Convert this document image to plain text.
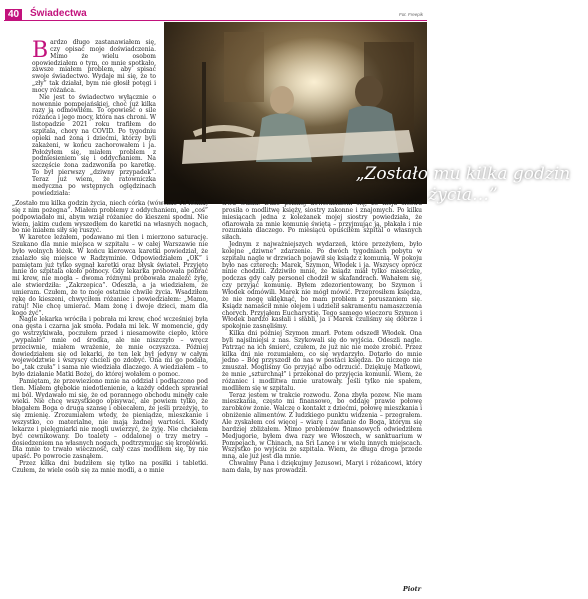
40	Świadectwa	Fot. Freepik

Bardzo długo zastanawiałem się, czy opisać moje doświadczenia. Mimo że wielu osobom opowiedziałem o tym, co mnie spotkało, zawsze miałem problem, aby spisać swoje świadectwo. Wydaje mi się, że to „zły” tak działał, bym nie głosił potęgi i mocy różańca.

Nie jest to świadectwo wyłącznie o nowennie pompejańskiej, choć już kilka razy ją odmówiłem. To opowieść o sile różańca i jego mocy, która nas chroni. W listopadzie 2021 roku trafiłem do szpitala, chory na COVID. Po tygodniu opieki nad żoną i dziećmi, którzy byli zakażeni, w końcu zachorowałem i ja. Położyłem się, miałem problem z podniesieniem się i oddychaniem. Na szczęście żona zadzwoniła po karetkę. To był pierwszy „dziwny przypadek”. Teraz już wiem, że ratowniczka medyczna po wstępnych oględzinach powiedziała:

„Zostało mu kilka godzin życia…”

„Zostało mu kilka godzin życia, niech córka (wówczas 13-letnia) się z nim pożegna”. Miałem problemy z oddychaniem, ale „coś” podpowiadało mi, abym wziął różaniec do kieszeni spodni. Nie wiem, jakim cudem wyszedłem do karetki na własnych nogach, bo nie miałem siły się ruszyć.

W karetce leżałem, podawano mi tlen i mierzono saturację. Szukano dla mnie miejsca w szpitalu – w całej Warszawie nie było wolnych łóżek. W końcu kierowca karetki powiedział, że znalazło się miejsce w Radzyminie. Odpowiedziałem „OK” i pamiętam już tylko sygnał karetki oraz błysk świateł. Przyjęto mnie do szpitala około północy. Gdy lekarka próbowała pobrać mi krew, nie mogła – dwoma różnymi próbowała znaleźć żyłę, ale stwierdziła: „Zakrzepica”. Odeszła, a ja wiedziałem, że umieram. Czułem, że to moje ostatnie chwile życia. Wsadziłem rękę do kieszeni, chwyciłem różaniec i powiedziałem: „Mamo, ratuj! Nie chcę umierać. Mam żonę i dwoje dzieci, mam dla kogo żyć”.

Nagle lekarka wróciła i pobrała mi krew, choć wcześniej była ona gęsta i czarna jak smoła. Podała mi lek. W momencie, gdy go wstrzykiwała, poczułem przed i niesamowite ciepło, które „wypalało” mnie od środka, ale nie niszczyło – wręcz przeciwnie, miałem wrażenie, że mnie oczyszcza. Później dowiedziałem się od lekarki, że ten lek był jedyny w całym województwie i wszyscy chcieli go zdobyć. Ona mi go podała, bo „tak czuła” i sama nie wiedziała dlaczego. A wiedziałem – to było działanie Matki Bożej, do której wołałem o pomoc.

Pamiętam, że przewieziono mnie na oddział i podłączono pod tlen. Miałem głębokie niedotlenienie, a każdy oddech sprawiał mi ból. Wydawało mi się, że od porannego obchodu minęły całe wieki. Nie chcę wszystkiego opisywać, ale powiem tylko, że błagałem Boga o drugą szansę i obiecałem, że jeśli przeżyję, to się zmienię. Zrozumiałem wtedy, że pieniądze, mieszkanie i wszystko, co materialne, nie mają żadnej wartości. Kiedy lekarze i pielęgniarki nie mogli uwierzyć, że żyję. Nie chciałem być cewnikowany. Do toalety – oddalonej o trzy metry – dosiedzeniem na własnych nogach, podtrzymując się kroplówki. Dla mnie to trwało wieczność, cały czas modliłem się, by nie upaść. Po powrocie zasnąłem.

Przez kilka dni budziłem się tylko na posiłki i tabletki. Czułem, że wiele osób się za mnie modli, a o mnie

trwa walka. Dużo później dowiedziałem się, że moja siostra prosiła o modlitwę księży, siostry zakonne i znajomych. Po kilku miesiącach jedna z koleżanek mojej siostry powiedziała, że ofiarowała za mnie komunię świętą – przyjmując ją, płakała i nie rozumiała dlaczego. Po miesiącu opuściłem szpital o własnych siłach.

Jednym z najważniejszych wydarzeń, które przeżyłem, było kolejne „dziwne” zdarzenie. Po dwóch tygodniach pobytu w szpitalu nagle w drzwiach pojawił się ksiądz z komunią. W pokoju było nas czterech: Marek, Szymon, Włodek i ja. Wszyscy oprócz mnie chodzili. Zdziwiło mnie, że ksiądz miał tylko maseczkę, podczas gdy cały personel chodził w skafandrach. Wahałem się, czy przyjąć komunię. Byłem zdezorientowany, bo Szymon i Włodek odmówili. Marek nie mógł mówić. Przeprosiłem księdza, że nie mogę uklęknąć, bo mam problem z poruszaniem się. Ksiądz namaścił mnie olejem i udzielił sakramentu namaszczenia chorych. Przyjąłem Eucharystię. Tego samego wieczoru Szymon i Włodek bardzo kasłali i słabli, ja i Marek czuliśmy się dobrze i spokojnie zasnęliśmy.

Kilka dni później Szymon zmarł. Potem odszedł Włodek. Ona byli najsilniejsi z nas. Szykowali się do wyjścia. Odeszli nagle. Patrząc na ich śmierć, czułem, że już nic nie może zrobić. Przez kilka dni nie rozumiałem, co się wydarzyło. Dotarło do mnie jedno – Bóg przyszedł do nas w postaci księdza. Do niczego nie zmuszał. Mogliśmy Go przyjąć albo odrzucić. Dziękuję Matkowi, że mnie „szturchnął” i przekonał do przyjęcia komunii. Wiem, że różaniec i modlitwa mnie uratowały. Jeśli tylko nie spałem, modliłem się w szpitalu.

Teraz jestem w trakcie rozwodu. Żona zbyła pozew. Nie mam mieszkania, często mi finansowo, bo oddaję prawie połowę zarobków żonie. Walczę o kontakt z dziećmi, połowę mieszkania i obniżenie alimentów. Z ludzkiego punktu widzenia – przegrałem. Ale zyskałem coś więcej – wiarę i zaufanie do Boga, którym się bardziej zbliżałem. Mimo problemów finansowych odwiedziłem Medjugorie, byłem dwa razy we Włoszech, w sanktuarium w Pompejach, w Chinach, na Sri Lance i w wielu innych miejscach. Wszystko po wyjściu ze szpitala. Wiem, że długa droga przede mną, ale już jest dla mnie.

Chwalmy Pana i dziękujmy Jezusowi, Maryi i różańcowi, który nam dała, by nas prowadził.

Piotr
